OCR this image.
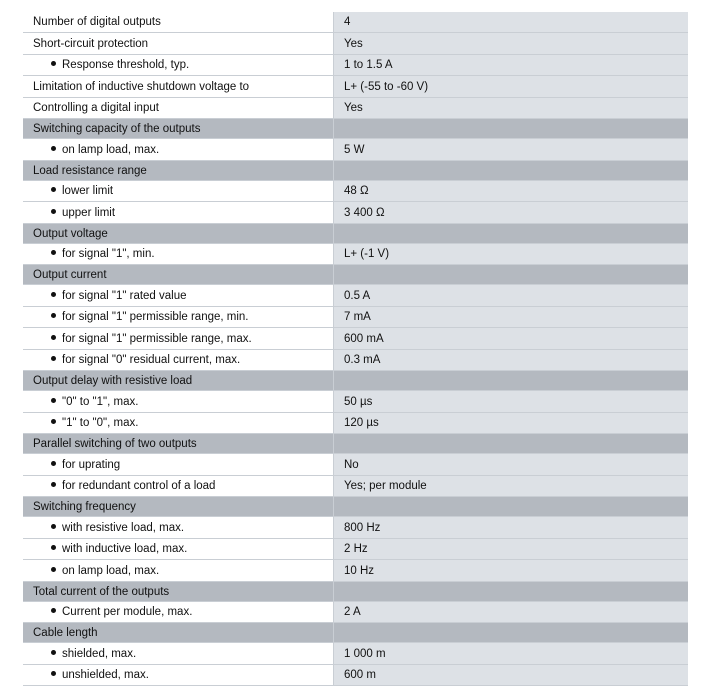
Number of digital outputs	4
Short-circuit protection	Yes
Response threshold, typ.	1 to 1.5 A
Limitation of inductive shutdown voltage to	L+ (-55 to -60 V)
Controlling a digital input	Yes
Switching capacity of the outputs	
on lamp load, max.	5 W
Load resistance range	
lower limit	48 Ω
upper limit	3 400 Ω
Output voltage	
for signal "1", min.	L+ (-1 V)
Output current	
for signal "1" rated value	0.5 A
for signal "1" permissible range, min.	7 mA
for signal "1" permissible range, max.	600 mA
for signal "0" residual current, max.	0.3 mA
Output delay with resistive load	
"0" to "1", max.	50 µs
"1" to "0", max.	120 µs
Parallel switching of two outputs	
for uprating	No
for redundant control of a load	Yes; per module
Switching frequency	
with resistive load, max.	800 Hz
with inductive load, max.	2 Hz
on lamp load, max.	10 Hz
Total current of the outputs	
Current per module, max.	2 A
Cable length	
shielded, max.	1 000 m
unshielded, max.	600 m
